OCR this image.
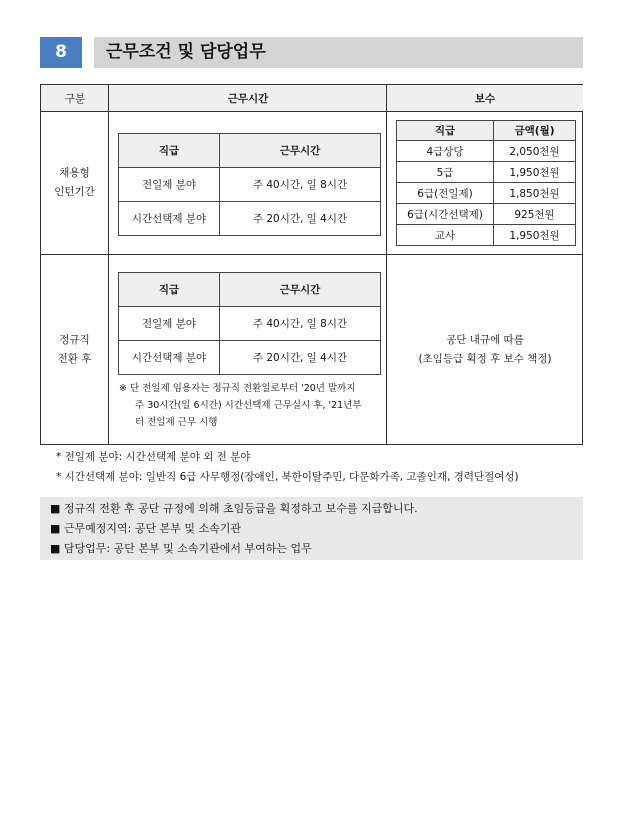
8	근무조건 및 담당업무
구분	근무시간	보수
채용형
인턴기간
직급	근무시간
전일제 분야	주 40시간, 일 8시간
시간선택제 분야	주 20시간, 일 4시간
직급	금액(월)
4급상당	2,050천원
5급	1,950천원
6급(전일제)	1,850천원
6급(시간선택제)	925천원
교사	1,950천원
정규직
전환 후
직급	근무시간
전일제 분야	주 40시간, 일 8시간
시간선택제 분야	주 20시간, 일 4시간
※ 단 전일제 임용자는 정규직 전환일로부터 '20년 말까지
주 30시간(일 6시간) 시간선택제 근무실시 후, '21년부
터 전일제 근무 시행
공단 내규에 따름
(초임등급 획정 후 보수 책정)
* 전일제 분야: 시간선택제 분야 외 전 분야
* 시간선택제 분야: 일반직 6급 사무행정(장애인, 북한이탈주민, 다문화가족, 고졸인재, 경력단절여성)
■ 정규직 전환 후 공단 규정에 의해 초임등급을 획정하고 보수를 지급합니다.
■ 근무예정지역: 공단 본부 및 소속기관
■ 담당업무: 공단 본부 및 소속기관에서 부여하는 업무
